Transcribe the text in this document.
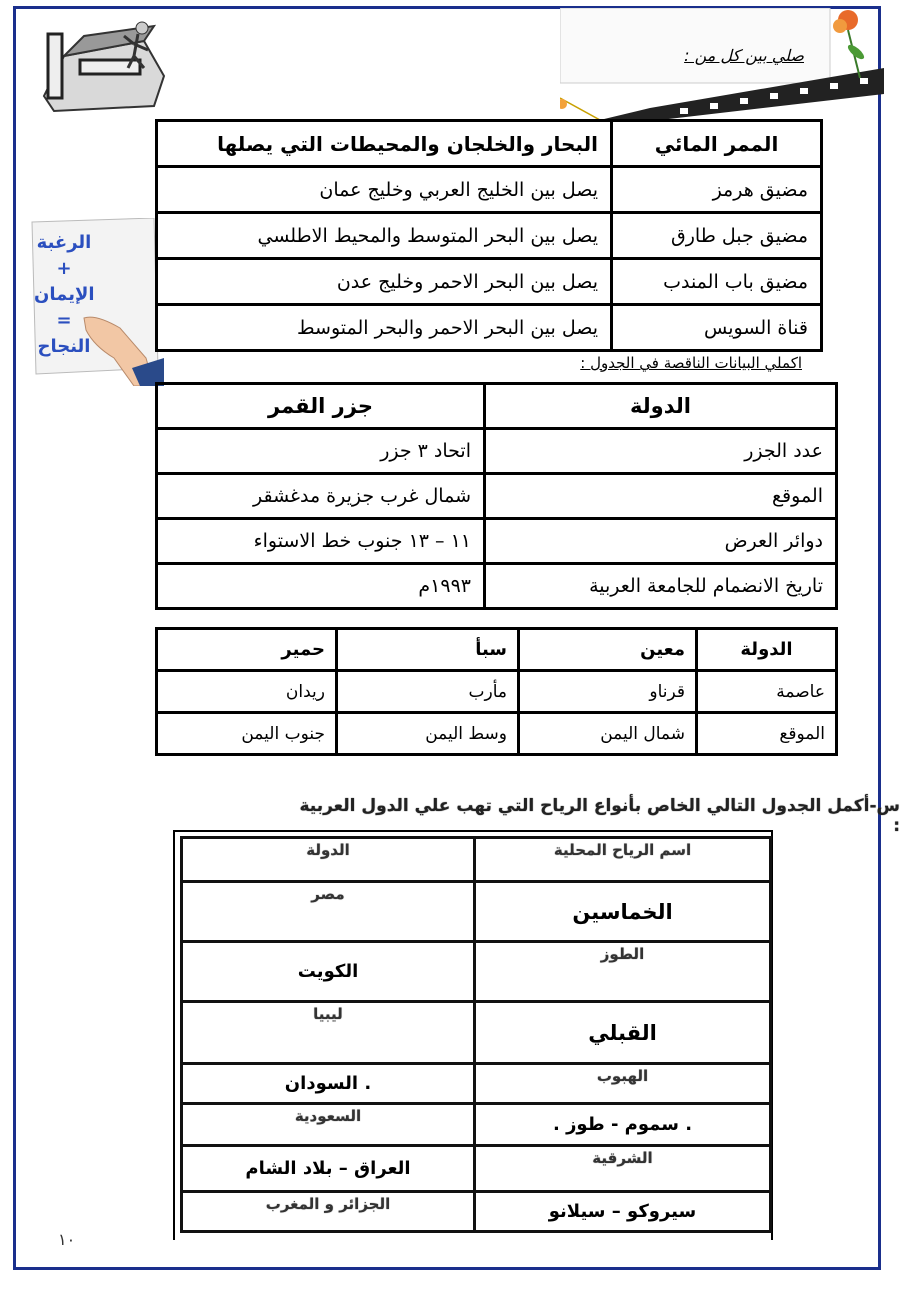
الرغبة
+
الإيمان
=
النجاح
صلي بين كل من :
الممر المائي	البحار والخلجان والمحيطات التي يصلها
مضيق هرمز	يصل بين الخليج العربي وخليج عمان
مضيق جبل طارق	يصل بين البحر المتوسط والمحيط الاطلسي
مضيق باب المندب	يصل بين البحر الاحمر وخليج عدن
قناة السويس	يصل بين البحر الاحمر والبحر المتوسط
اكملي البيانات الناقصة في الجدول :
الدولة	جزر القمر
عدد الجزر	اتحاد ٣ جزر
الموقع	شمال غرب جزيرة مدغشقر
دوائر العرض	١١ – ١٣ جنوب خط الاستواء
تاريخ الانضمام للجامعة العربية	١٩٩٣م
الدولة	معين	سبأ	حمير
عاصمة	قرناو	مأرب	ريدان
الموقع	شمال اليمن	وسط اليمن	جنوب اليمن
س-أكمل الجدول التالي الخاص بأنواع الرياح التي تهب علي الدول العربية :
اسم الرياح المحلية	الدولة
الخماسين	مصر
الطوز	الكويت
القبلي	ليبيا
الهبوب	. السودان
. سموم - طوز .	السعودية
الشرقية	العراق – بلاد الشام
سيروكو – سيلانو	الجزائر و المغرب
١٠
